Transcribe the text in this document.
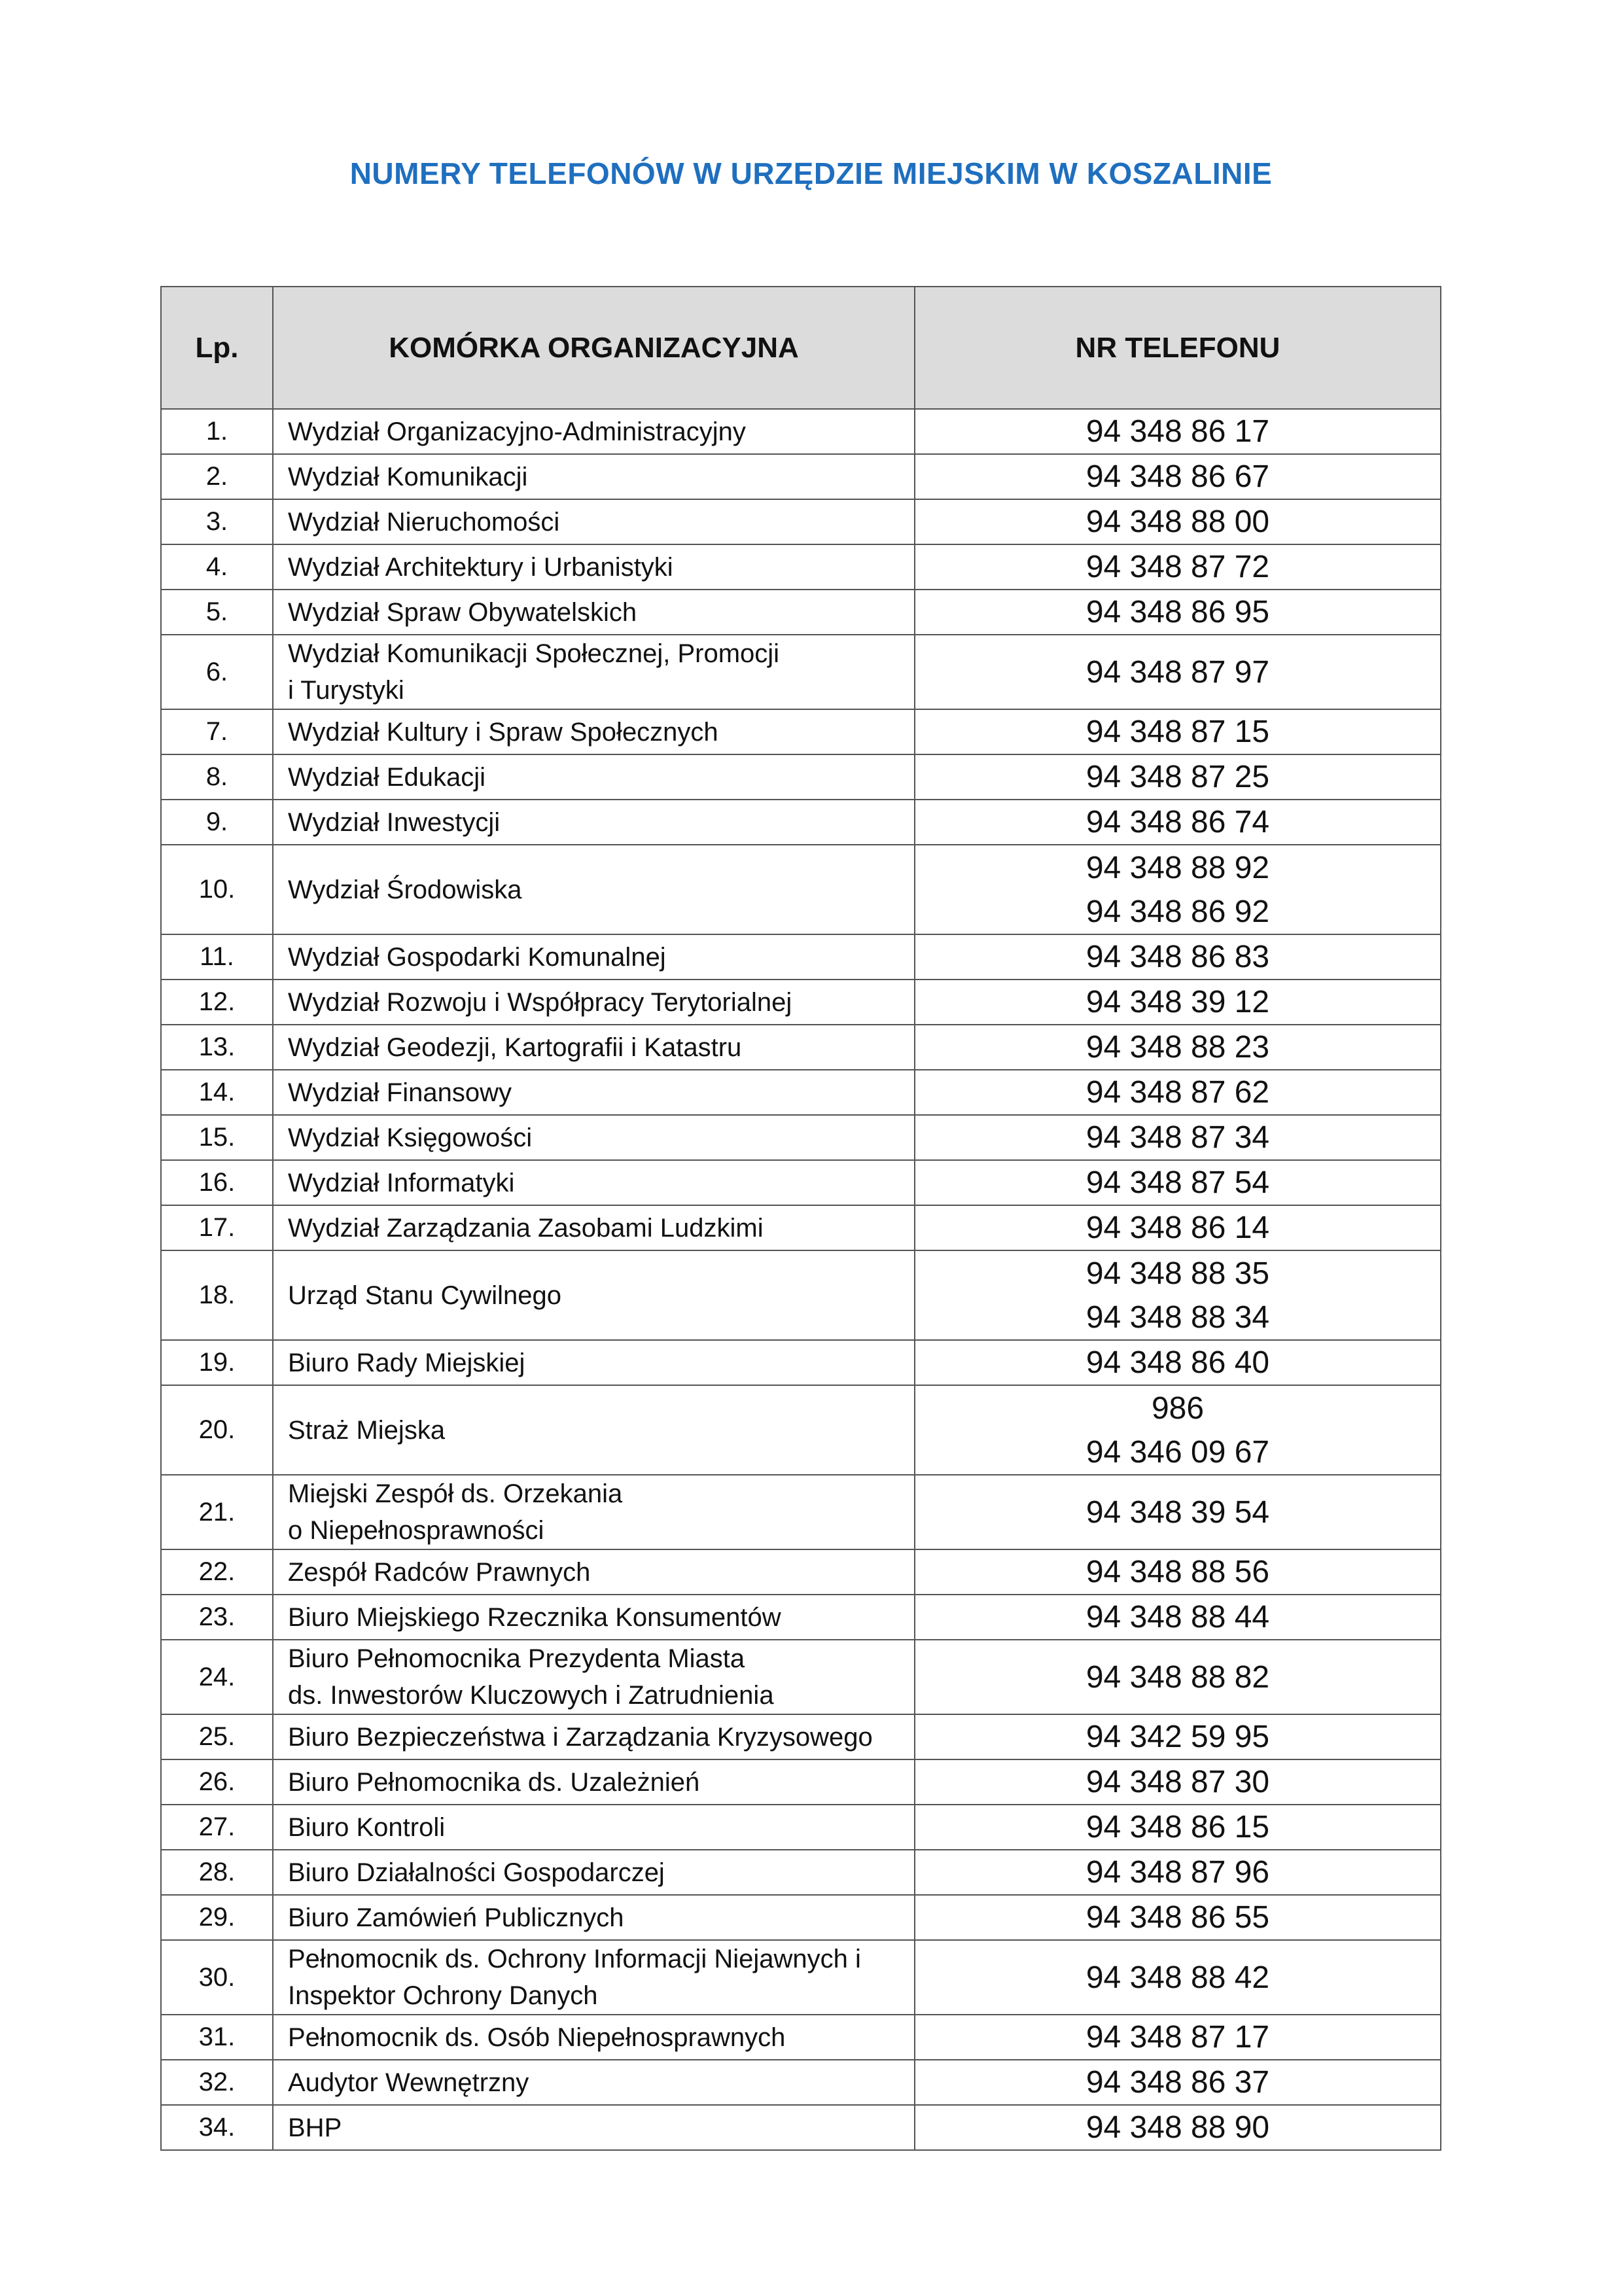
NUMERY TELEFONÓW W URZĘDZIE MIEJSKIM W KOSZALINIE
Lp.	KOMÓRKA ORGANIZACYJNA	NR TELEFONU
1.	Wydział Organizacyjno-Administracyjny	94 348 86 17

2.	Wydział Komunikacji	94 348 86 67

3.	Wydział Nieruchomości	94 348 88 00

4.	Wydział Architektury i Urbanistyki	94 348 87 72

5.	Wydział Spraw Obywatelskich	94 348 86 95

6.	Wydział Komunikacji Społecznej, Promocji
i Turystyki	94 348 87 97

7.	Wydział Kultury i Spraw Społecznych	94 348 87 15

8.	Wydział Edukacji	94 348 87 25

9.	Wydział Inwestycji	94 348 86 74

10.	Wydział Środowiska	94 348 88 92
94 348 86 92

11.	Wydział Gospodarki Komunalnej	94 348 86 83

12.	Wydział Rozwoju i Współpracy Terytorialnej	94 348 39 12

13.	Wydział Geodezji, Kartografii i Katastru	94 348 88 23

14.	Wydział Finansowy	94 348 87 62

15.	Wydział Księgowości	94 348 87 34

16.	Wydział Informatyki	94 348 87 54

17.	Wydział Zarządzania Zasobami Ludzkimi	94 348 86 14

18.	Urząd Stanu Cywilnego	94 348 88 35
94 348 88 34

19.	Biuro Rady Miejskiej	94 348 86 40

20.	Straż Miejska	986
94 346 09 67

21.	Miejski Zespół ds. Orzekania
o Niepełnosprawności	94 348 39 54

22.	Zespół Radców Prawnych	94 348 88 56

23.	Biuro Miejskiego Rzecznika Konsumentów	94 348 88 44

24.	Biuro Pełnomocnika Prezydenta Miasta
ds. Inwestorów Kluczowych i Zatrudnienia	94 348 88 82

25.	Biuro Bezpieczeństwa i Zarządzania Kryzysowego	94 342 59 95

26.	Biuro Pełnomocnika ds. Uzależnień	94 348 87 30

27.	Biuro Kontroli	94 348 86 15

28.	Biuro Działalności Gospodarczej	94 348 87 96

29.	Biuro Zamówień Publicznych	94 348 86 55

30.	Pełnomocnik ds. Ochrony Informacji Niejawnych i
Inspektor Ochrony Danych	94 348 88 42

31.	Pełnomocnik ds. Osób Niepełnosprawnych	94 348 87 17

32.	Audytor Wewnętrzny	94 348 86 37

34.	BHP	94 348 88 90
